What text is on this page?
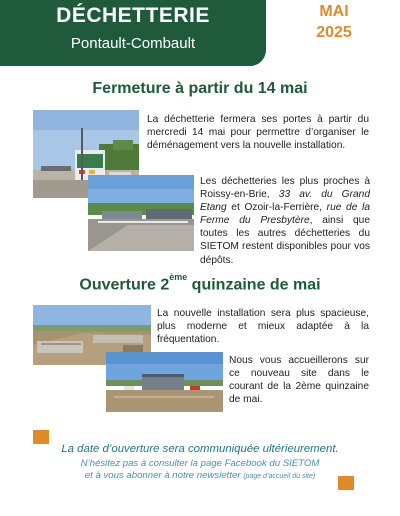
DÉCHETTERIE
Pontault-Combault
MAI
2025
Fermeture à partir du 14 mai
La déchetterie fermera ses portes à partir du mercredi 14 mai pour permettre d’organiser le déménagement vers la nouvelle installation.
Les déchetteries les plus proches à Roissy-en-Brie, 33 av. du Grand Etang et Ozoir-la-Ferrière, rue de la Ferme du Presbytère, ainsi que toutes les autres déchetteries du SIETOM restent disponibles pour vos dépôts.
Ouverture 2ème quinzaine de mai
La nouvelle installation sera plus spacieuse, plus moderne et mieux adaptée à la fréquentation.
Nous vous accueillerons sur ce nouveau site dans le courant de la 2ème quinzaine de mai.
La date d’ouverture sera communiquée ultérieurement.
N’hésitez pas à consulter la page Facebook du SIETOM
et à vous abonner à notre newsletter (page d’accueil du site)
